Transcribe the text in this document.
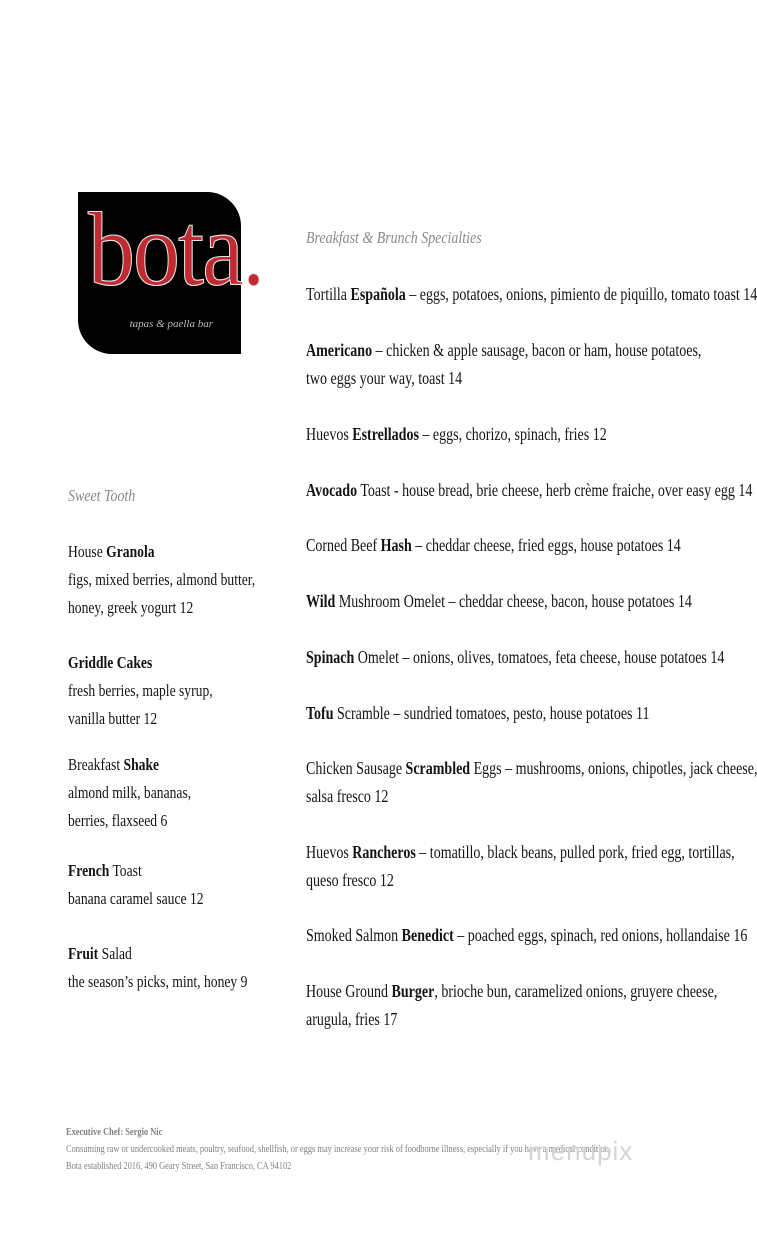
bota.
tapas & paella bar
Breakfast & Brunch Specialties
Tortilla Española – eggs, potatoes, onions, pimiento de piquillo, tomato toast 14
Americano – chicken & apple sausage, bacon or ham, house potatoes,
two eggs your way, toast 14
Huevos Estrellados – eggs, chorizo, spinach, fries 12
Avocado Toast - house bread, brie cheese, herb crème fraiche, over easy egg 14
Corned Beef Hash – cheddar cheese, fried eggs, house potatoes 14
Wild Mushroom Omelet – cheddar cheese, bacon, house potatoes 14
Spinach Omelet – onions, olives, tomatoes, feta cheese, house potatoes 14
Tofu Scramble – sundried tomatoes, pesto, house potatoes 11
Chicken Sausage Scrambled Eggs – mushrooms, onions, chipotles, jack cheese,
salsa fresco 12
Huevos Rancheros – tomatillo, black beans, pulled pork, fried egg, tortillas,
queso fresco 12
Smoked Salmon Benedict – poached eggs, spinach, red onions, hollandaise 16
House Ground Burger, brioche bun, caramelized onions, gruyere cheese,
arugula, fries 17
Sweet Tooth
House Granola
figs, mixed berries, almond butter,
honey, greek yogurt 12
Griddle Cakes
fresh berries, maple syrup,
vanilla butter 12
Breakfast Shake
almond milk, bananas,
berries, flaxseed 6
French Toast
banana caramel sauce 12
Fruit Salad
the season’s picks, mint, honey 9
Executive Chef: Sergio Nic
Consuming raw or undercooked meats, poultry, seafood, shellfish, or eggs may increase your risk of foodborne illness, especially if you have a medical condition.
Bota established 2016, 490 Geary Street, San Francisco, CA 94102
menupix
